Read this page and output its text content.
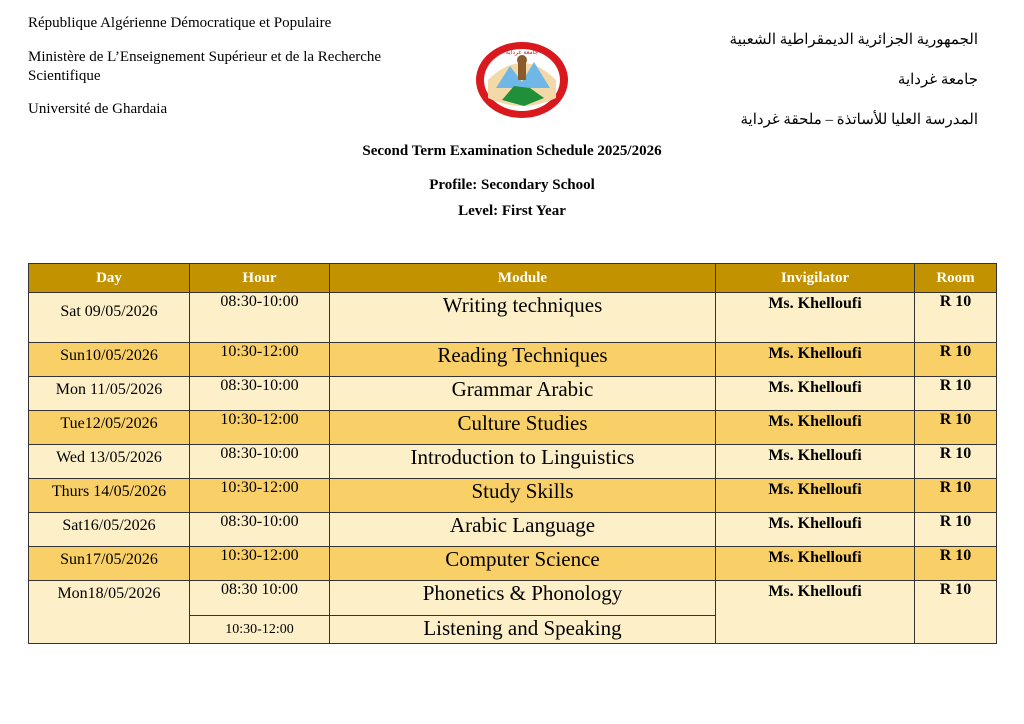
République Algérienne Démocratique et Populaire
Ministère de L’Enseignement Supérieur et de la Recherche Scientifique
Université de Ghardaia
الجمهورية الجزائرية الديمقراطية الشعبية
جامعة غرداية
المدرسة العليا للأساتذة – ملحقة غرداية
جامعة غرداية
Second Term Examination Schedule 2025/2026
Profile: Secondary School
Level: First Year
Day	Hour	Module	Invigilator	Room
Sat 09/05/2026	08:30-10:00	Writing techniques	Ms. Khelloufi	R 10
Sun10/05/2026	10:30-12:00	Reading Techniques	Ms. Khelloufi	R 10
Mon 11/05/2026	08:30-10:00	Grammar Arabic	Ms. Khelloufi	R 10
Tue12/05/2026	10:30-12:00	Culture Studies	Ms. Khelloufi	R 10
Wed 13/05/2026	08:30-10:00	Introduction to Linguistics	Ms. Khelloufi	R 10
Thurs 14/05/2026	10:30-12:00	Study Skills	Ms. Khelloufi	R 10
Sat16/05/2026	08:30-10:00	Arabic Language	Ms. Khelloufi	R 10
Sun17/05/2026	10:30-12:00	Computer Science	Ms. Khelloufi	R 10
Mon18/05/2026	08:30 10:00	Phonetics & Phonology	Ms. Khelloufi	R 10
	10:30-12:00	Listening and Speaking		
